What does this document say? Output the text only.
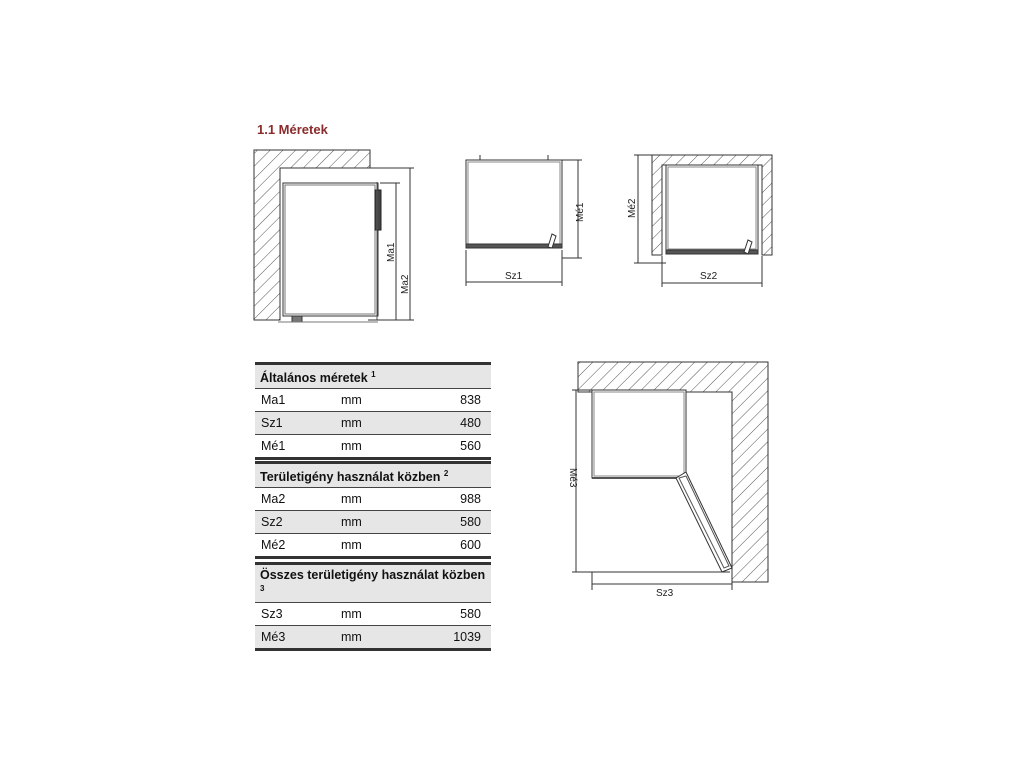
1.1 Méretek
Ma1
Ma2
Mé1
Sz1
Mé2
Sz2
Mé3
Sz3
Általános méretek $^1$
Ma1	mm	838
Sz1	mm	480
Mé1	mm	560
Területigény használat közben $^2$
Ma2	mm	988
Sz2	mm	580
Mé2	mm	600
Összes területigény használat közben $^3$
Sz3	mm	580
Mé3	mm	1039
